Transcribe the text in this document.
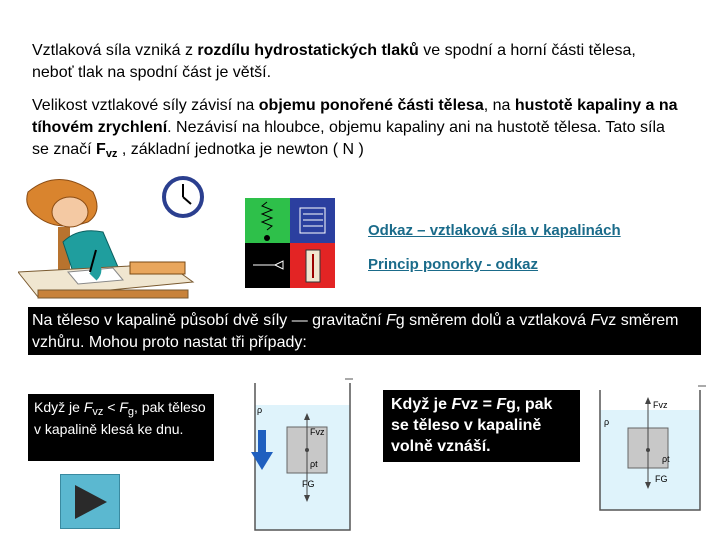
Vztlaková síla vzniká z rozdílu hydrostatických tlaků ve spodní a horní části tělesa, neboť tlak na spodní část je větší.
Velikost vztlakové síly závisí na objemu ponořené části tělesa, na hustotě kapaliny a na tíhovém zrychlení. Nezávisí na hloubce, objemu kapaliny ani na hustotě tělesa. Tato síla se značí $F_{vz}$ , základní jednotka je newton ( N )
Odkaz – vztlaková síla v kapalinách
Princip ponorky - odkaz
Na těleso v kapalině působí dvě síly — gravitační Fg směrem dolů a vztlaková Fvz směrem vzhůru. Mohou proto nastat tři případy:
Když je $F_{vz} < F_g$, pak těleso v kapalině klesá ke dnu.
ρ
Fvz
ρt
FG
Když je Fvz = Fg, pak se těleso v kapalině volně vznáší.
ρ
Fvz
ρt
FG
